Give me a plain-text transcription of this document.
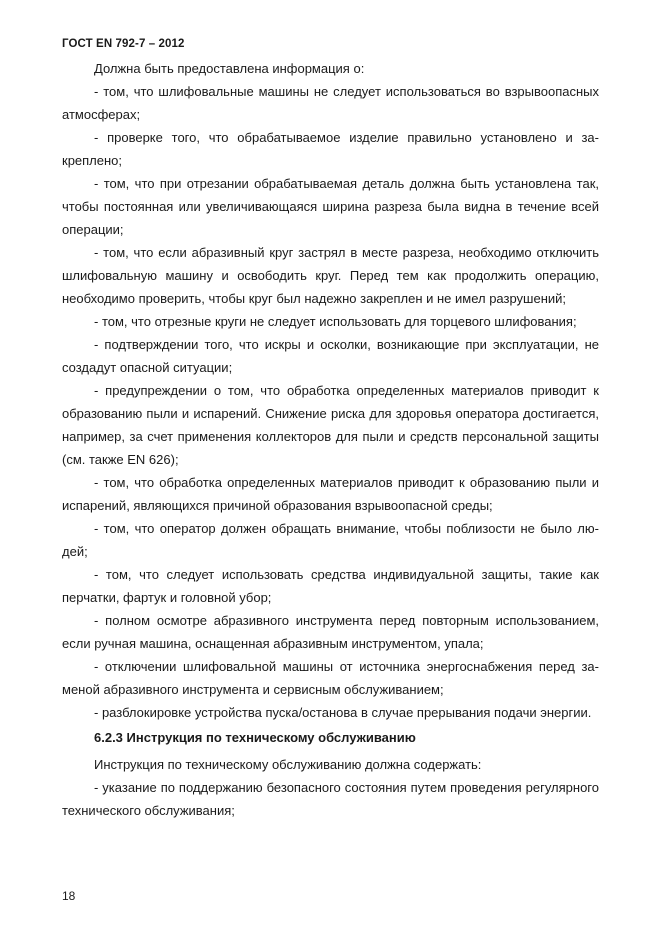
ГОСТ EN 792-7 – 2012

Должна быть предоставлена информация о:

- том, что шлифовальные машины не следует использоваться во взрывоопасных атмосферах;

- проверке того, что обрабатываемое изделие правильно установлено и закреплено;

- том, что при отрезании обрабатываемая деталь должна быть установлена так, чтобы постоянная или увеличивающаяся ширина разреза была видна в течение всей операции;

- том, что если абразивный круг застрял в месте разреза, необходимо отключить шлифовальную машину и освободить круг. Перед тем как продолжить операцию, необходимо проверить, чтобы круг был надежно закреплен и не имел разрушений;

- том, что отрезные круги не следует использовать для торцевого шлифования;

- подтверждении того, что искры и осколки, возникающие при эксплуатации, не создадут опасной ситуации;

- предупреждении о том, что обработка определенных материалов приводит к образованию пыли и испарений. Снижение риска для здоровья оператора достигается, например, за счет применения коллекторов для пыли и средств персональной защиты (см. также EN 626);

- том, что обработка определенных материалов приводит к образованию пыли и испарений, являющихся причиной образования взрывоопасной среды;

- том, что оператор должен обращать внимание, чтобы поблизости не было людей;

- том, что следует использовать средства индивидуальной защиты, такие как перчатки, фартук и головной убор;

- полном осмотре абразивного инструмента перед повторным использованием, если ручная машина, оснащенная абразивным инструментом, упала;

- отключении шлифовальной машины от источника энергоснабжения перед заменой абразивного инструмента и сервисным обслуживанием;

- разблокировке устройства пуска/останова в случае прерывания подачи энергии.

6.2.3 Инструкция по техническому обслуживанию

Инструкция по техническому обслуживанию должна содержать:

- указание по поддержанию безопасного состояния путем проведения регулярного технического обслуживания;

18
